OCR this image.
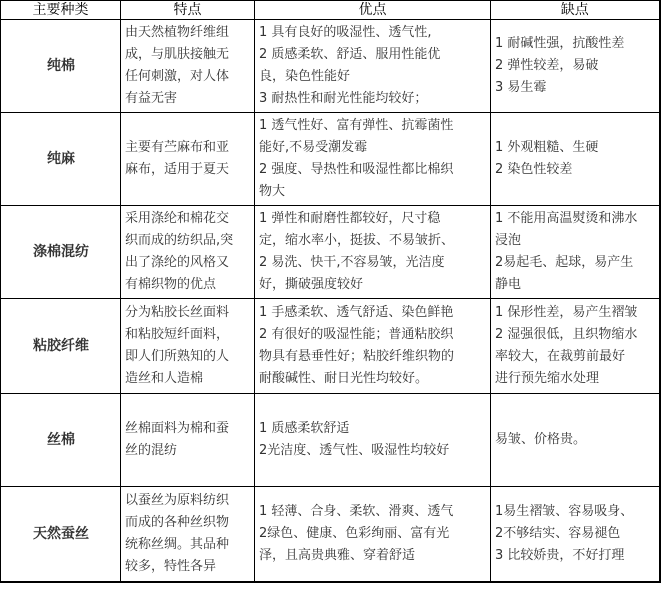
主要种类	特点	优点	缺点
纯棉	由天然植物纤维组
成，与肌肤接触无
任何刺激，对人体
有益无害	1 具有良好的吸湿性、透气性,
2 质感柔软、舒适、服用性能优
良，染色性能好
3 耐热性和耐光性能均较好；	1 耐碱性强，抗酸性差
2 弹性较差，易破
3 易生霉

纯麻	主要有苎麻布和亚
麻布，适用于夏天	1 透气性好、富有弹性、抗霉菌性
能好,不易受潮发霉
2 强度、导热性和吸湿性都比棉织
物大	1 外观粗糙、生硬
2 染色性较差

涤棉混纺	采用涤纶和棉花交
织而成的纺织品,突
出了涤纶的风格又
有棉织物的优点	1 弹性和耐磨性都较好，尺寸稳
定，缩水率小，挺拔、不易皱折、
2 易洗、快干,不容易皱，光洁度
好，撕破强度较好	1 不能用高温熨烫和沸水
浸泡
2易起毛、起球，易产生
静电

粘胶纤维	分为粘胶长丝面料
和粘胶短纤面料，
即人们所熟知的人
造丝和人造棉	1 手感柔软、透气舒适、染色鲜艳
2 有很好的吸湿性能；普通粘胶织
物具有悬垂性好；粘胶纤维织物的
耐酸碱性、耐日光性均较好。	1 保形性差，易产生褶皱
2 湿强很低，且织物缩水
率较大，在裁剪前最好
进行预先缩水处理

丝棉	丝棉面料为棉和蚕
丝的混纺	1 质感柔软舒适
2光洁度、透气性、吸湿性均较好	易皱、价格贵。

天然蚕丝	以蚕丝为原料纺织
而成的各种丝织物
统称丝绸。其品种
较多，特性各异	1 轻薄、合身、柔软、滑爽、透气
2绿色、健康、色彩绚丽、富有光
泽，且高贵典雅、穿着舒适	1易生褶皱、容易吸身、
2不够结实、容易褪色
3 比较娇贵，不好打理
